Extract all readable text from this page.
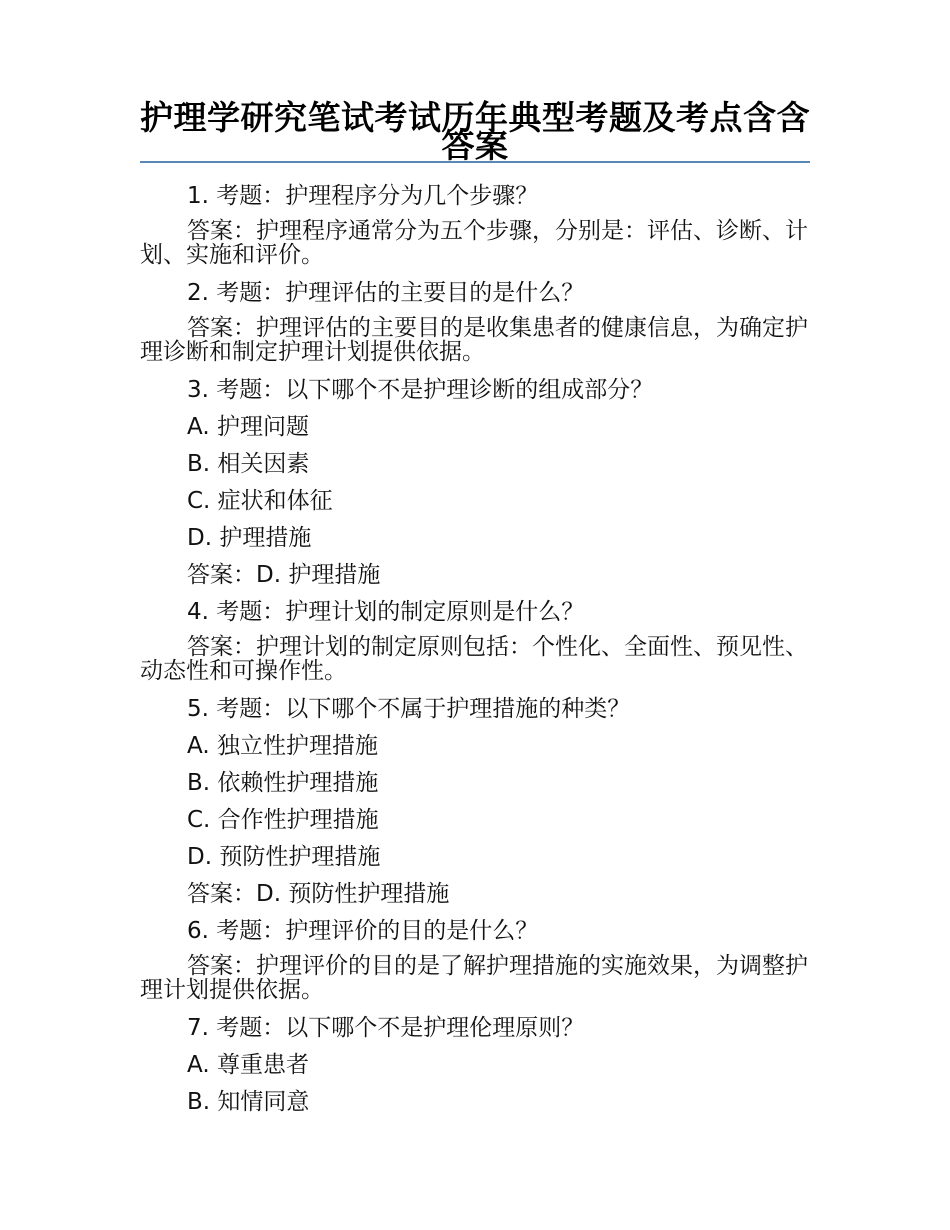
护理学研究笔试考试历年典型考题及考点含含答案

1. 考题：护理程序分为几个步骤？

答案：护理程序通常分为五个步骤，分别是：评估、诊断、计划、实施和评价。

2. 考题：护理评估的主要目的是什么？

答案：护理评估的主要目的是收集患者的健康信息，为确定护理诊断和制定护理计划提供依据。

3. 考题：以下哪个不是护理诊断的组成部分？

A. 护理问题

B. 相关因素

C. 症状和体征

D. 护理措施

答案：D. 护理措施

4. 考题：护理计划的制定原则是什么？

答案：护理计划的制定原则包括：个性化、全面性、预见性、动态性和可操作性。

5. 考题：以下哪个不属于护理措施的种类？

A. 独立性护理措施

B. 依赖性护理措施

C. 合作性护理措施

D. 预防性护理措施

答案：D. 预防性护理措施

6. 考题：护理评价的目的是什么？

答案：护理评价的目的是了解护理措施的实施效果，为调整护理计划提供依据。

7. 考题：以下哪个不是护理伦理原则？

A. 尊重患者

B. 知情同意
